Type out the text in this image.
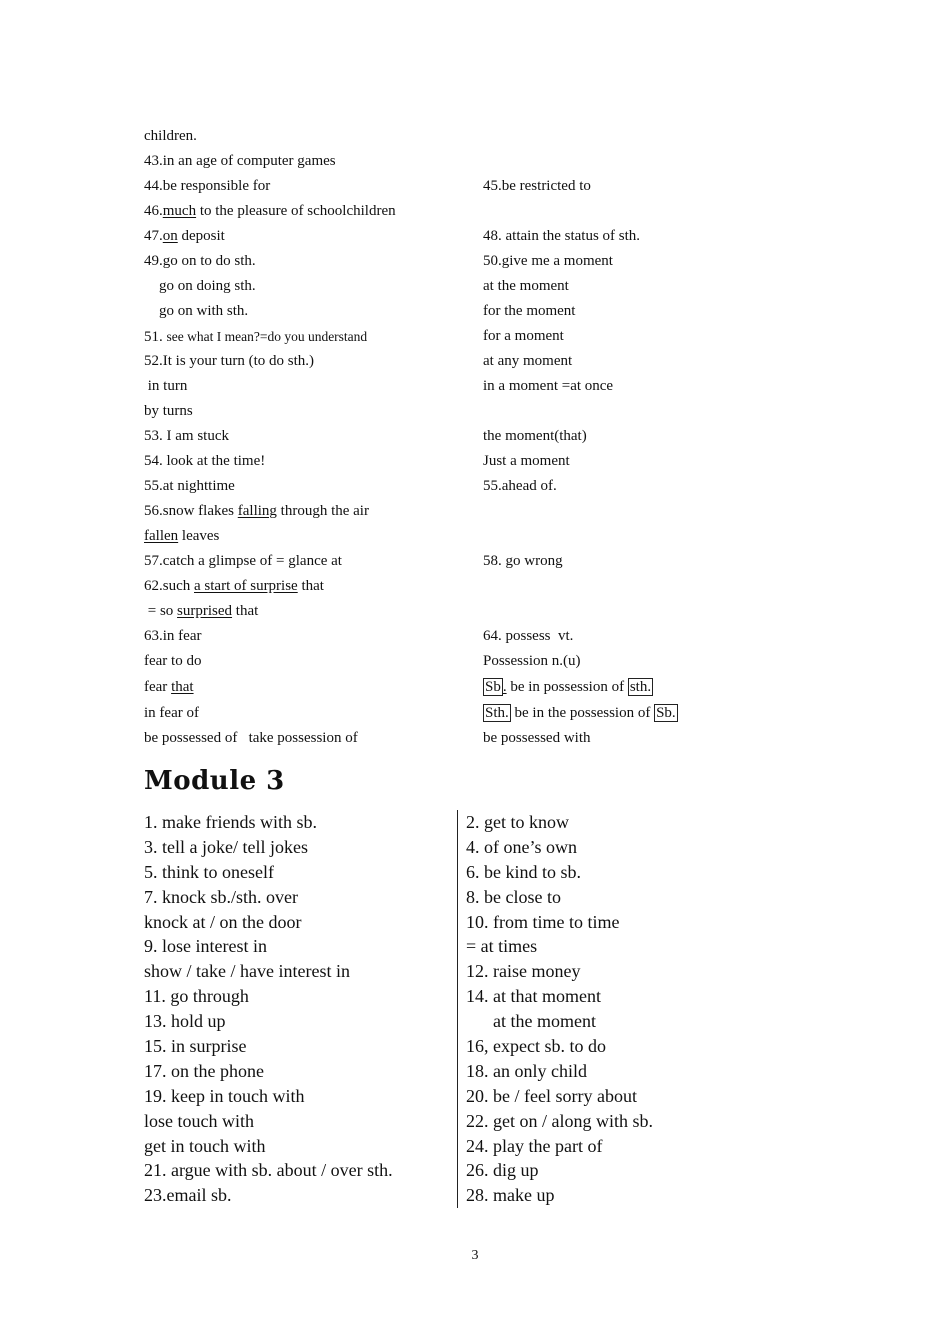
children.
43.in an age of computer games
44.be responsible for	45.be restricted to
46.much to the pleasure of schoolchildren
47.on deposit	48. attain the status of sth.
49.go on to do sth.	50.give me a moment
go on doing sth.	at the moment
go on with sth.	for the moment
51. see what I mean?=do you understand	for a moment
52.It is your turn (to do sth.)	at any moment
in turn	in a moment =at once
by turns
53. I am stuck	the moment(that)
54. look at the time!	Just a moment
55.at nighttime	55.ahead of.
56.snow flakes falling through the air
fallen leaves
57.catch a glimpse of = glance at	58. go wrong
62.such a start of surprise that
= so surprised that
63.in fear	64. possess  vt.
fear to do	Possession n.(u)
fear that	Sb . be in possession of sth.
in fear of	Sth. be in the possession of Sb.
be possessed of   take possession of	be possessed with
Module 3
1. make friends with sb.	2. get to know
3. tell a joke/ tell jokes	4. of one’s own
5. think to oneself	6. be kind to sb.
7. knock sb./sth. over	8. be close to
knock at / on the door	10. from time to time
9. lose interest in	= at times
show / take / have interest in	12. raise money
11. go through	14. at that moment
13. hold up	at the moment
15. in surprise	16, expect sb. to do
17. on the phone	18. an only child
19. keep in touch with	20. be / feel sorry about
lose touch with	22. get on / along with sb.
get in touch with	24. play the part of
21. argue with sb. about / over sth.	26. dig up
23.email sb.	28. make up
3
